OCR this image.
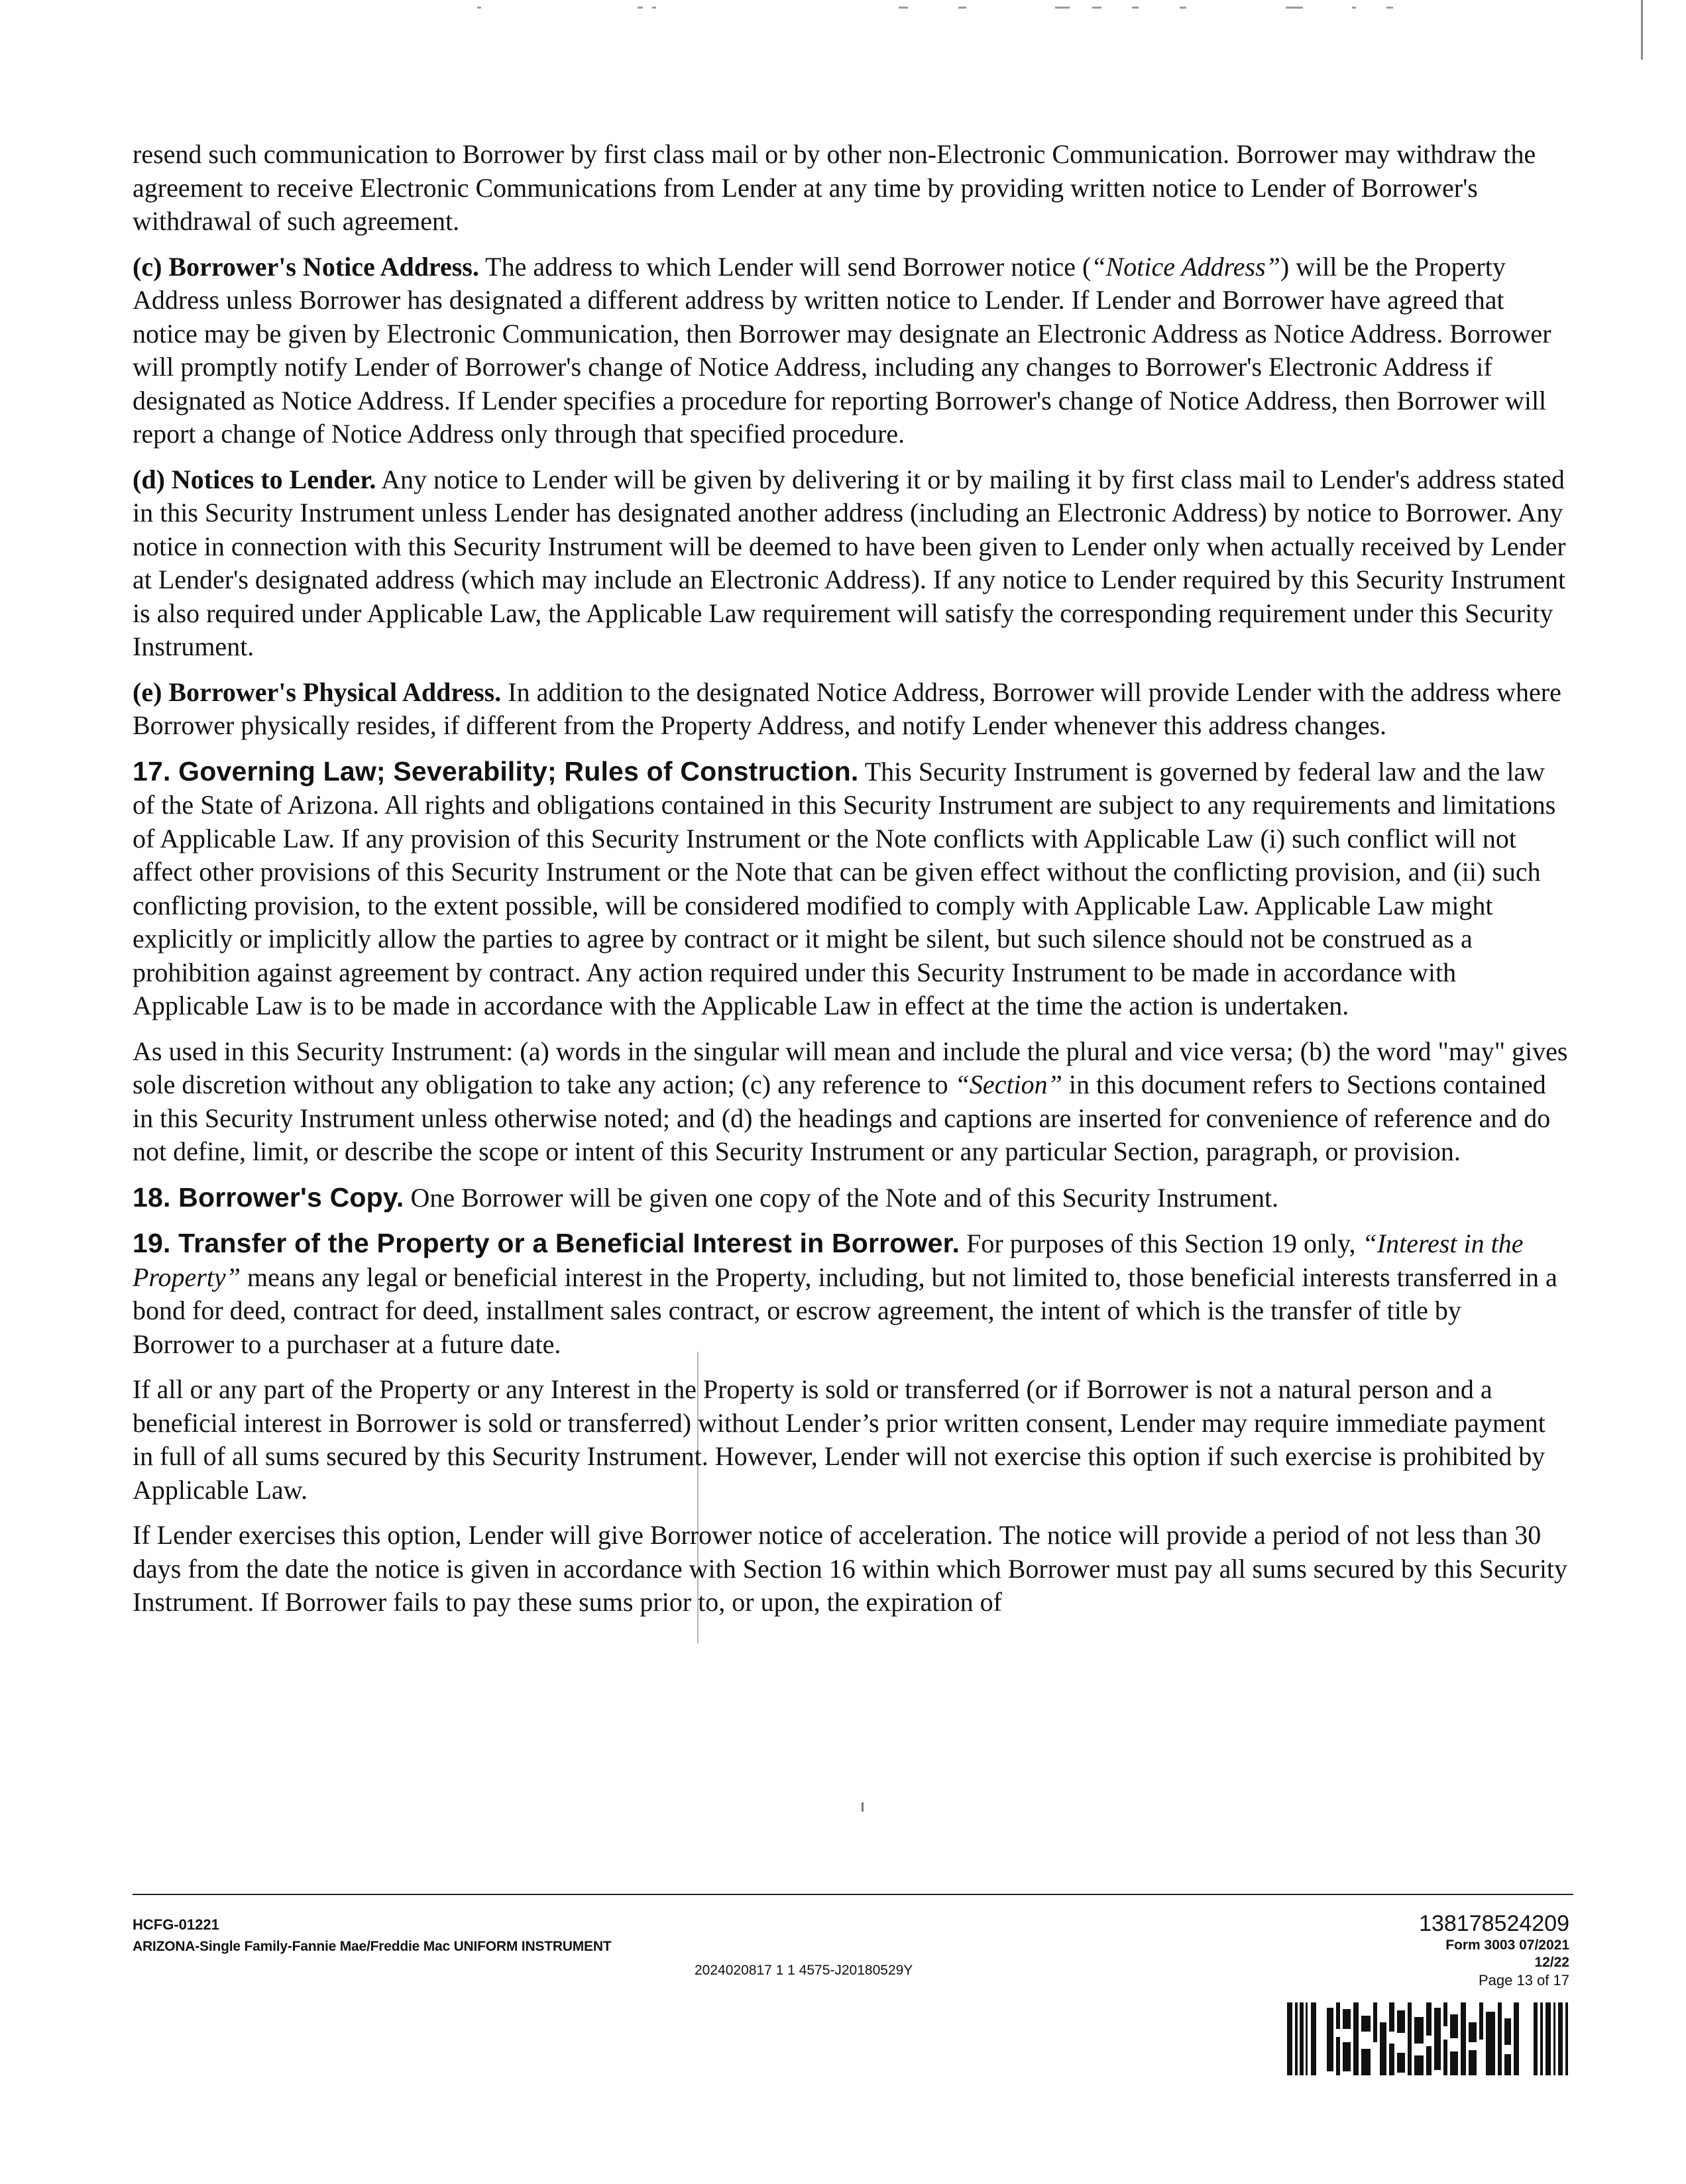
resend such communication to Borrower by first class mail or by other non-Electronic Communication. Borrower may withdraw the agreement to receive Electronic Communications from Lender at any time by providing written notice to Lender of Borrower's withdrawal of such agreement.

(c) Borrower's Notice Address. The address to which Lender will send Borrower notice (“Notice Address”) will be the Property Address unless Borrower has designated a different address by written notice to Lender. If Lender and Borrower have agreed that notice may be given by Electronic Communication, then Borrower may designate an Electronic Address as Notice Address. Borrower will promptly notify Lender of Borrower's change of Notice Address, including any changes to Borrower's Electronic Address if designated as Notice Address. If Lender specifies a procedure for reporting Borrower's change of Notice Address, then Borrower will report a change of Notice Address only through that specified procedure.

(d) Notices to Lender. Any notice to Lender will be given by delivering it or by mailing it by first class mail to Lender's address stated in this Security Instrument unless Lender has designated another address (including an Electronic Address) by notice to Borrower. Any notice in connection with this Security Instrument will be deemed to have been given to Lender only when actually received by Lender at Lender's designated address (which may include an Electronic Address). If any notice to Lender required by this Security Instrument is also required under Applicable Law, the Applicable Law requirement will satisfy the corresponding requirement under this Security Instrument.

(e) Borrower's Physical Address. In addition to the designated Notice Address, Borrower will provide Lender with the address where Borrower physically resides, if different from the Property Address, and notify Lender whenever this address changes.

17. Governing Law; Severability; Rules of Construction. This Security Instrument is governed by federal law and the law of the State of Arizona. All rights and obligations contained in this Security Instrument are subject to any requirements and limitations of Applicable Law. If any provision of this Security Instrument or the Note conflicts with Applicable Law (i) such conflict will not affect other provisions of this Security Instrument or the Note that can be given effect without the conflicting provision, and (ii) such conflicting provision, to the extent possible, will be considered modified to comply with Applicable Law. Applicable Law might explicitly or implicitly allow the parties to agree by contract or it might be silent, but such silence should not be construed as a prohibition against agreement by contract. Any action required under this Security Instrument to be made in accordance with Applicable Law is to be made in accordance with the Applicable Law in effect at the time the action is undertaken.

As used in this Security Instrument: (a) words in the singular will mean and include the plural and vice versa; (b) the word "may" gives sole discretion without any obligation to take any action; (c) any reference to “Section” in this document refers to Sections contained in this Security Instrument unless otherwise noted; and (d) the headings and captions are inserted for convenience of reference and do not define, limit, or describe the scope or intent of this Security Instrument or any particular Section, paragraph, or provision.

18. Borrower's Copy. One Borrower will be given one copy of the Note and of this Security Instrument.

19. Transfer of the Property or a Beneficial Interest in Borrower. For purposes of this Section 19 only, “Interest in the Property” means any legal or beneficial interest in the Property, including, but not limited to, those beneficial interests transferred in a bond for deed, contract for deed, installment sales contract, or escrow agreement, the intent of which is the transfer of title by Borrower to a purchaser at a future date.

If all or any part of the Property or any Interest in the Property is sold or transferred (or if Borrower is not a natural person and a beneficial interest in Borrower is sold or transferred) without Lender’s prior written consent, Lender may require immediate payment in full of all sums secured by this Security Instrument. However, Lender will not exercise this option if such exercise is prohibited by Applicable Law.

If Lender exercises this option, Lender will give Borrower notice of acceleration. The notice will provide a period of not less than 30 days from the date the notice is given in accordance with Section 16 within which Borrower must pay all sums secured by this Security Instrument. If Borrower fails to pay these sums prior to, or upon, the expiration of

HCFG-01221
ARIZONA-Single Family-Fannie Mae/Freddie Mac UNIFORM INSTRUMENT
2024020817 1 1 4575-J20180529Y
138178524209
Form 3003 07/2021
12/22
Page 13 of 17
